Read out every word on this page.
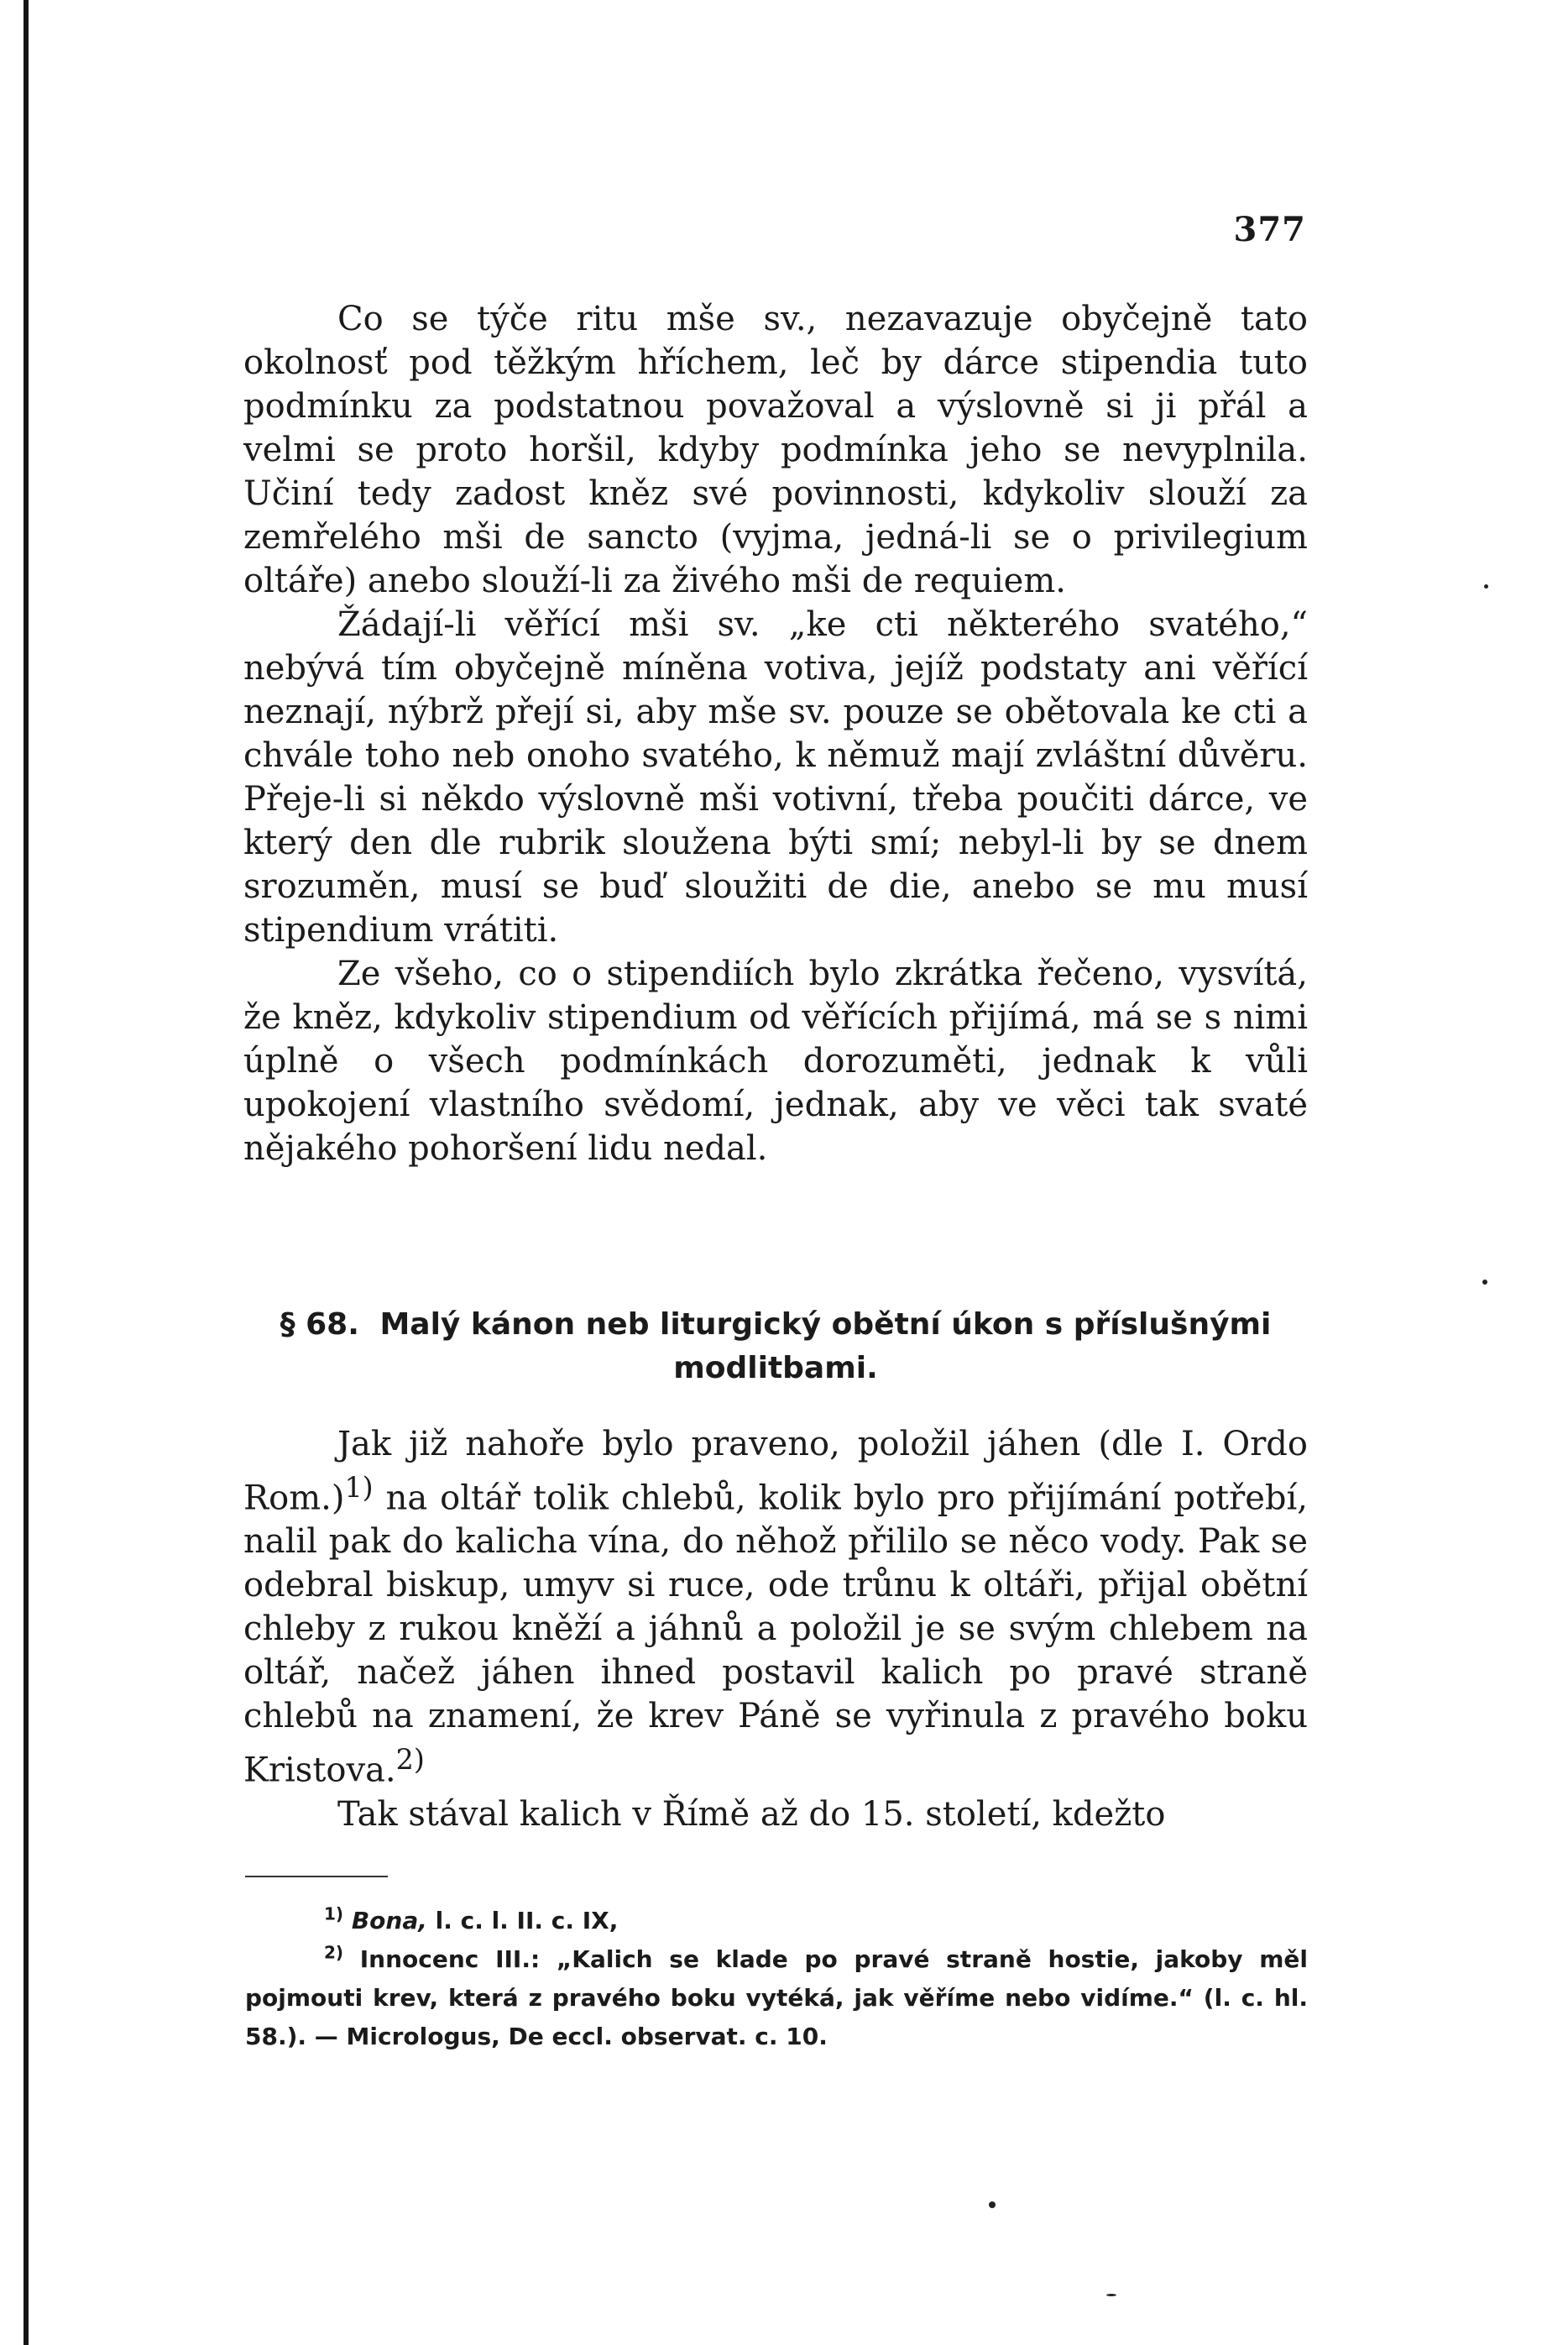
377

Co se týče ritu mše sv., nezavazuje obyčejně tato okolnosť pod těžkým hříchem, leč by dárce stipendia tuto podmínku za podstatnou považoval a výslovně si ji přál a velmi se proto horšil, kdyby podmínka jeho se nevyplnila. Učiní tedy zadost kněz své povinnosti, kdykoliv slouží za zemřelého mši de sancto (vyjma, jedná-li se o privilegium oltáře) anebo slouží-li za živého mši de requiem.

Žádají-li věřící mši sv. „ke cti některého svatého,“ nebývá tím obyčejně míněna votiva, jejíž podstaty ani věřící neznají, nýbrž přejí si, aby mše sv. pouze se obětovala ke cti a chvále toho neb onoho svatého, k němuž mají zvláštní důvěru. Přeje-li si někdo výslovně mši votivní, třeba poučiti dárce, ve který den dle rubrik sloužena býti smí; nebyl-li by se dnem srozuměn, musí se buď sloužiti de die, anebo se mu musí stipendium vrátiti.

Ze všeho, co o stipendiích bylo zkrátka řečeno, vysvítá, že kněz, kdykoliv stipendium od věřících přijímá, má se s nimi úplně o všech podmínkách dorozuměti, jednak k vůli upokojení vlastního svědomí, jednak, aby ve věci tak svaté nějakého pohoršení lidu nedal.

§ 68. Malý kánon neb liturgický obětní úkon s příslušnými modlitbami.

Jak již nahoře bylo praveno, položil jáhen (dle I. Ordo Rom.)$^{1)}$ na oltář tolik chlebů, kolik bylo pro přijímání potřebí, nalil pak do kalicha vína, do něhož přililo se něco vody. Pak se odebral biskup, umyv si ruce, ode trůnu k oltáři, přijal obětní chleby z rukou kněží a jáhnů a položil je se svým chlebem na oltář, načež jáhen ihned postavil kalich po pravé straně chlebů na znamení, že krev Páně se vyřinula z pravého boku Kristova.$^{2)}$

Tak stával kalich v Římě až do 15. století, kdežto

$^{1)}$ Bona, l. c. l. II. c. IX,

$^{2)}$ Innocenc III.: „Kalich se klade po pravé straně hostie, jakoby měl pojmouti krev, která z pravého boku vytéká, jak věříme nebo vidíme.“ (l. c. hl. 58.). — Micrologus, De eccl. observat. c. 10.
